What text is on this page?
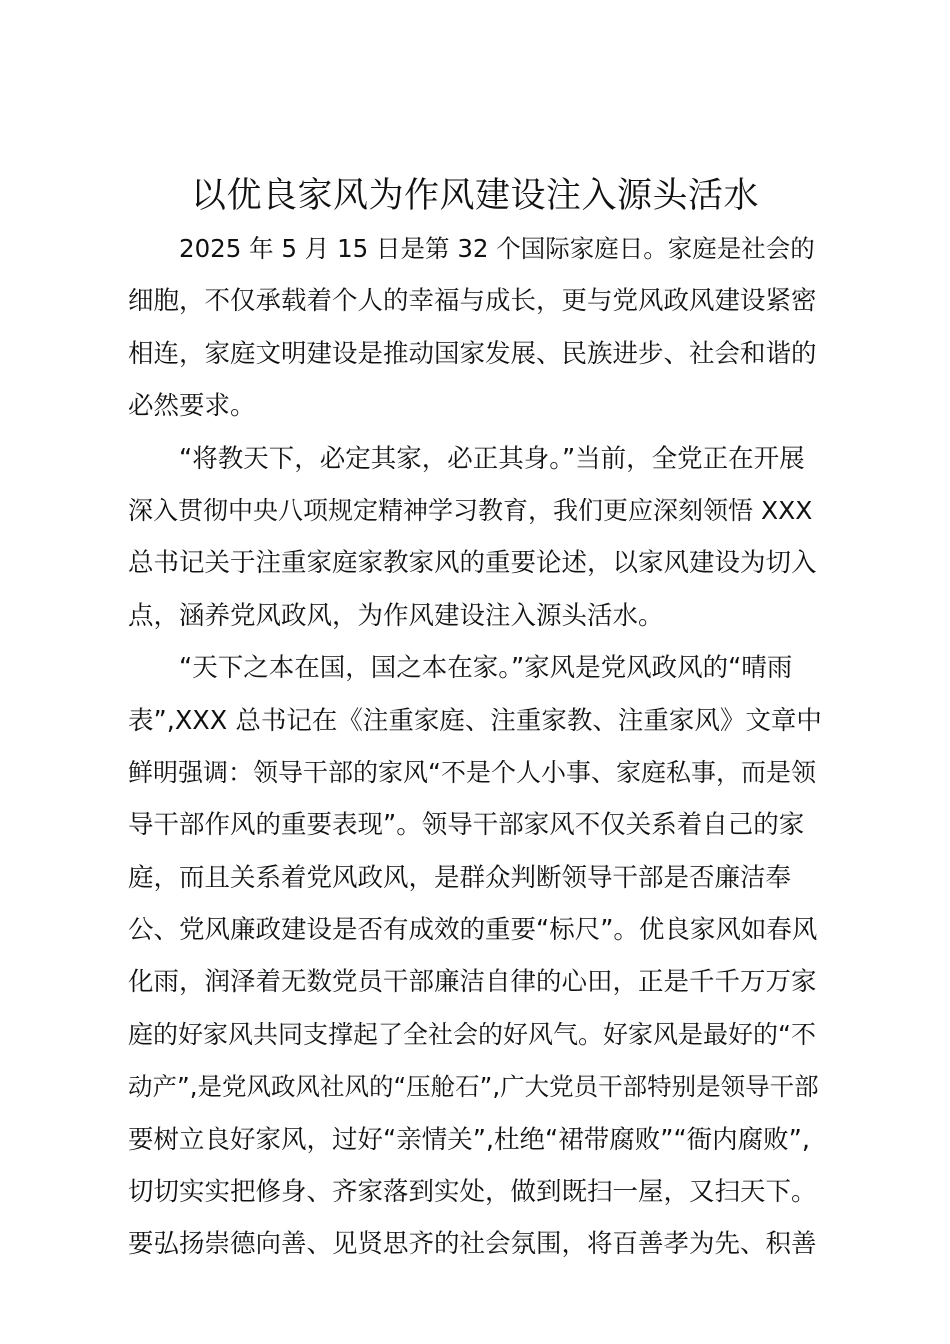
以优良家风为作风建设注入源头活水
2025 年 5 月 15 日是第 32 个国际家庭日。家庭是社会的
细胞，不仅承载着个人的幸福与成长，更与党风政风建设紧密
相连，家庭文明建设是推动国家发展、民族进步、社会和谐的
必然要求。
“将教天下，必定其家，必正其身。”当前，全党正在开展
深入贯彻中央八项规定精神学习教育，我们更应深刻领悟 XXX
总书记关于注重家庭家教家风的重要论述，以家风建设为切入
点，涵养党风政风，为作风建设注入源头活水。
“天下之本在国，国之本在家。”家风是党风政风的“晴雨
表”,XXX 总书记在《注重家庭、注重家教、注重家风》文章中
鲜明强调：领导干部的家风“不是个人小事、家庭私事，而是领
导干部作风的重要表现”。领导干部家风不仅关系着自己的家
庭，而且关系着党风政风，是群众判断领导干部是否廉洁奉
公、党风廉政建设是否有成效的重要“标尺”。优良家风如春风
化雨，润泽着无数党员干部廉洁自律的心田，正是千千万万家
庭的好家风共同支撑起了全社会的好风气。好家风是最好的“不
动产”,是党风政风社风的“压舱石”,广大党员干部特别是领导干部
要树立良好家风，过好“亲情关”,杜绝“裙带腐败”“衙内腐败”,
切切实实把修身、齐家落到实处，做到既扫一屋，又扫天下。
要弘扬崇德向善、见贤思齐的社会氛围，将百善孝为先、积善
